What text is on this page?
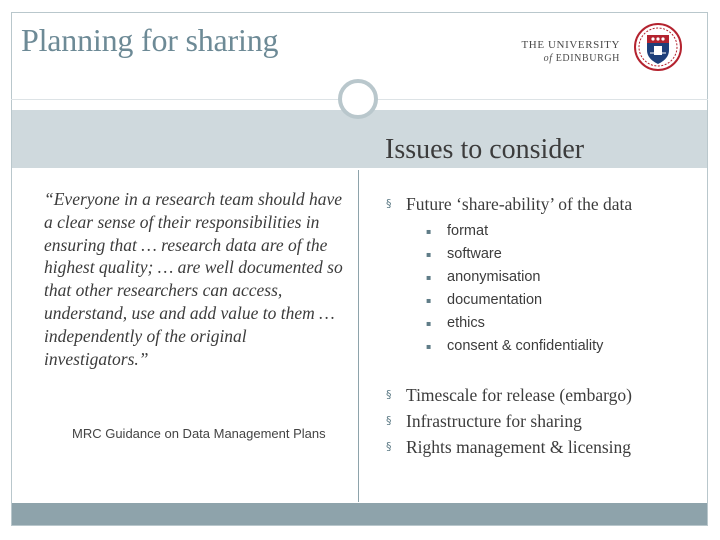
Planning for sharing	THE UNIVERSITY
of EDINBURGH
Issues to consider

“Everyone in a research team should have a clear sense of their responsibilities in ensuring that … research data are of the highest quality; … are well documented so that other researchers can access, understand, use and add value to them … independently of the original investigators.”

MRC Guidance on Data Management Plans

§ Future ‘share-ability’ of the data
▪ format
▪ software
▪ anonymisation
▪ documentation
▪ ethics
▪ consent & confidentiality
§ Timescale for release (embargo)
§ Infrastructure for sharing
§ Rights management & licensing
